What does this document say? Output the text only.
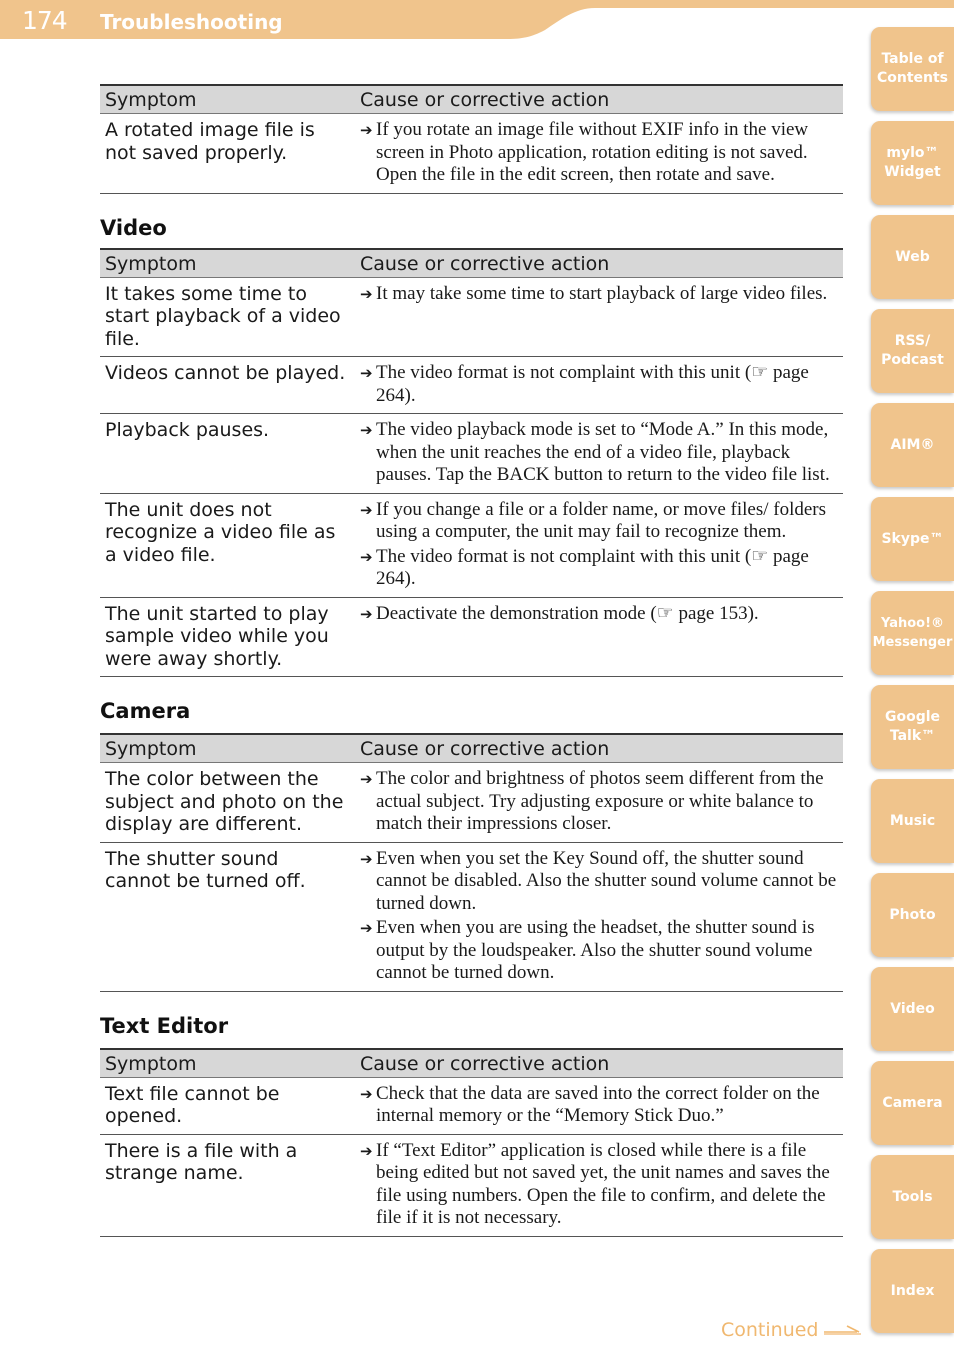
174 Troubleshooting
Symptom	Cause or corrective action
A rotated image file is not saved properly.	➔ If you rotate an image file without EXIF info in the view screen in Photo application, rotation editing is not saved. Open the file in the edit screen, then rotate and save.
Video
Symptom	Cause or corrective action
It takes some time to start playback of a video file.	➔ It may take some time to start playback of large video files.

Videos cannot be played.	➔ The video format is not complaint with this unit (☞ page 264).

Playback pauses.	➔ The video playback mode is set to “Mode A.” In this mode, when the unit reaches the end of a video file, playback pauses. Tap the BACK button to return to the video file list.

The unit does not recognize a video file as a video file.	➔ If you change a file or a folder name, or move files/ folders using a computer, the unit may fail to recognize them.
➔ The video format is not complaint with this unit (☞ page 264).

The unit started to play sample video while you were away shortly.	➔ Deactivate the demonstration mode (☞ page 153).
Camera
Symptom	Cause or corrective action
The color between the subject and photo on the display are different.	➔ The color and brightness of photos seem different from the actual subject. Try adjusting exposure or white balance to match their impressions closer.

The shutter sound cannot be turned off.	➔ Even when you set the Key Sound off, the shutter sound cannot be disabled. Also the shutter sound volume cannot be turned down.
➔ Even when you are using the headset, the shutter sound is output by the loudspeaker. Also the shutter sound volume cannot be turned down.
Text Editor
Symptom	Cause or corrective action
Text file cannot be opened.	➔ Check that the data are saved into the correct folder on the internal memory or the “Memory Stick Duo.”

There is a file with a strange name.	➔ If “Text Editor” application is closed while there is a file being edited but not saved yet, the unit names and saves the file using numbers. Open the file to confirm, and delete the file if it is not necessary.
Table of
Contents
mylo™
Widget
Web
RSS/
Podcast
AIM®
Skype™
Yahoo!®
Messenger
Google
Talk™
Music
Photo
Video
Camera
Tools
Index
Continued
